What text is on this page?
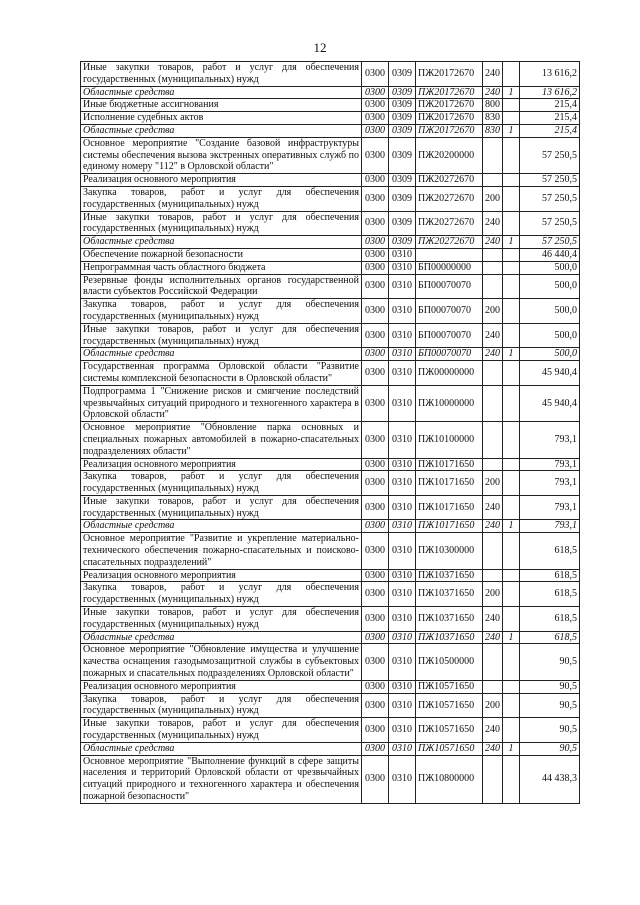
12
Иные закупки товаров, работ и услуг для обеспечения государственных (муниципальных) нужд	0300	0309	ПЖ20172670	240		13 616,2
Областные средства	0300	0309	ПЖ20172670	240	1	13 616,2
Иные бюджетные ассигнования	0300	0309	ПЖ20172670	800		215,4
Исполнение судебных актов	0300	0309	ПЖ20172670	830		215,4
Областные средства	0300	0309	ПЖ20172670	830	1	215,4
Основное мероприятие "Создание базовой инфраструктуры системы обеспечения вызова экстренных оперативных служб по единому номеру "112" в Орловской области"	0300	0309	ПЖ20200000			57 250,5
Реализация основного мероприятия	0300	0309	ПЖ20272670			57 250,5
Закупка товаров, работ и услуг для обеспечения государственных (муниципальных) нужд	0300	0309	ПЖ20272670	200		57 250,5
Иные закупки товаров, работ и услуг для обеспечения государственных (муниципальных) нужд	0300	0309	ПЖ20272670	240		57 250,5
Областные средства	0300	0309	ПЖ20272670	240	1	57 250,5
Обеспечение пожарной безопасности	0300	0310				46 440,4
Непрограммная часть областного бюджета	0300	0310	БП00000000			500,0
Резервные фонды исполнительных органов государственной власти субъектов Российской Федерации	0300	0310	БП00070070			500,0
Закупка товаров, работ и услуг для обеспечения государственных (муниципальных) нужд	0300	0310	БП00070070	200		500,0
Иные закупки товаров, работ и услуг для обеспечения государственных (муниципальных) нужд	0300	0310	БП00070070	240		500,0
Областные средства	0300	0310	БП00070070	240	1	500,0
Государственная программа Орловской области "Развитие системы комплексной безопасности в Орловской области"	0300	0310	ПЖ00000000			45 940,4
Подпрограмма 1 "Снижение рисков и смягчение последствий чрезвычайных ситуаций природного и техногенного характера в Орловской области"	0300	0310	ПЖ10000000			45 940,4
Основное мероприятие "Обновление парка основных и специальных пожарных автомобилей в пожарно-спасательных подразделениях области"	0300	0310	ПЖ10100000			793,1
Реализация основного мероприятия	0300	0310	ПЖ10171650			793,1
Закупка товаров, работ и услуг для обеспечения государственных (муниципальных) нужд	0300	0310	ПЖ10171650	200		793,1
Иные закупки товаров, работ и услуг для обеспечения государственных (муниципальных) нужд	0300	0310	ПЖ10171650	240		793,1
Областные средства	0300	0310	ПЖ10171650	240	1	793,1
Основное мероприятие "Развитие и укрепление материально-технического обеспечения пожарно-спасательных и поисково-спасательных подразделений"	0300	0310	ПЖ10300000			618,5
Реализация основного мероприятия	0300	0310	ПЖ10371650			618,5
Закупка товаров, работ и услуг для обеспечения государственных (муниципальных) нужд	0300	0310	ПЖ10371650	200		618,5
Иные закупки товаров, работ и услуг для обеспечения государственных (муниципальных) нужд	0300	0310	ПЖ10371650	240		618,5
Областные средства	0300	0310	ПЖ10371650	240	1	618,5
Основное мероприятие "Обновление имущества и улучшение качества оснащения газодымозащитной службы в субъектовых пожарных и спасательных подразделениях Орловской области"	0300	0310	ПЖ10500000			90,5
Реализация основного мероприятия	0300	0310	ПЖ10571650			90,5
Закупка товаров, работ и услуг для обеспечения государственных (муниципальных) нужд	0300	0310	ПЖ10571650	200		90,5
Иные закупки товаров, работ и услуг для обеспечения государственных (муниципальных) нужд	0300	0310	ПЖ10571650	240		90,5
Областные средства	0300	0310	ПЖ10571650	240	1	90,5
Основное мероприятие "Выполнение функций в сфере защиты населения и территорий Орловской области от чрезвычайных ситуаций природного и техногенного характера и обеспечения пожарной безопасности"	0300	0310	ПЖ10800000			44 438,3
